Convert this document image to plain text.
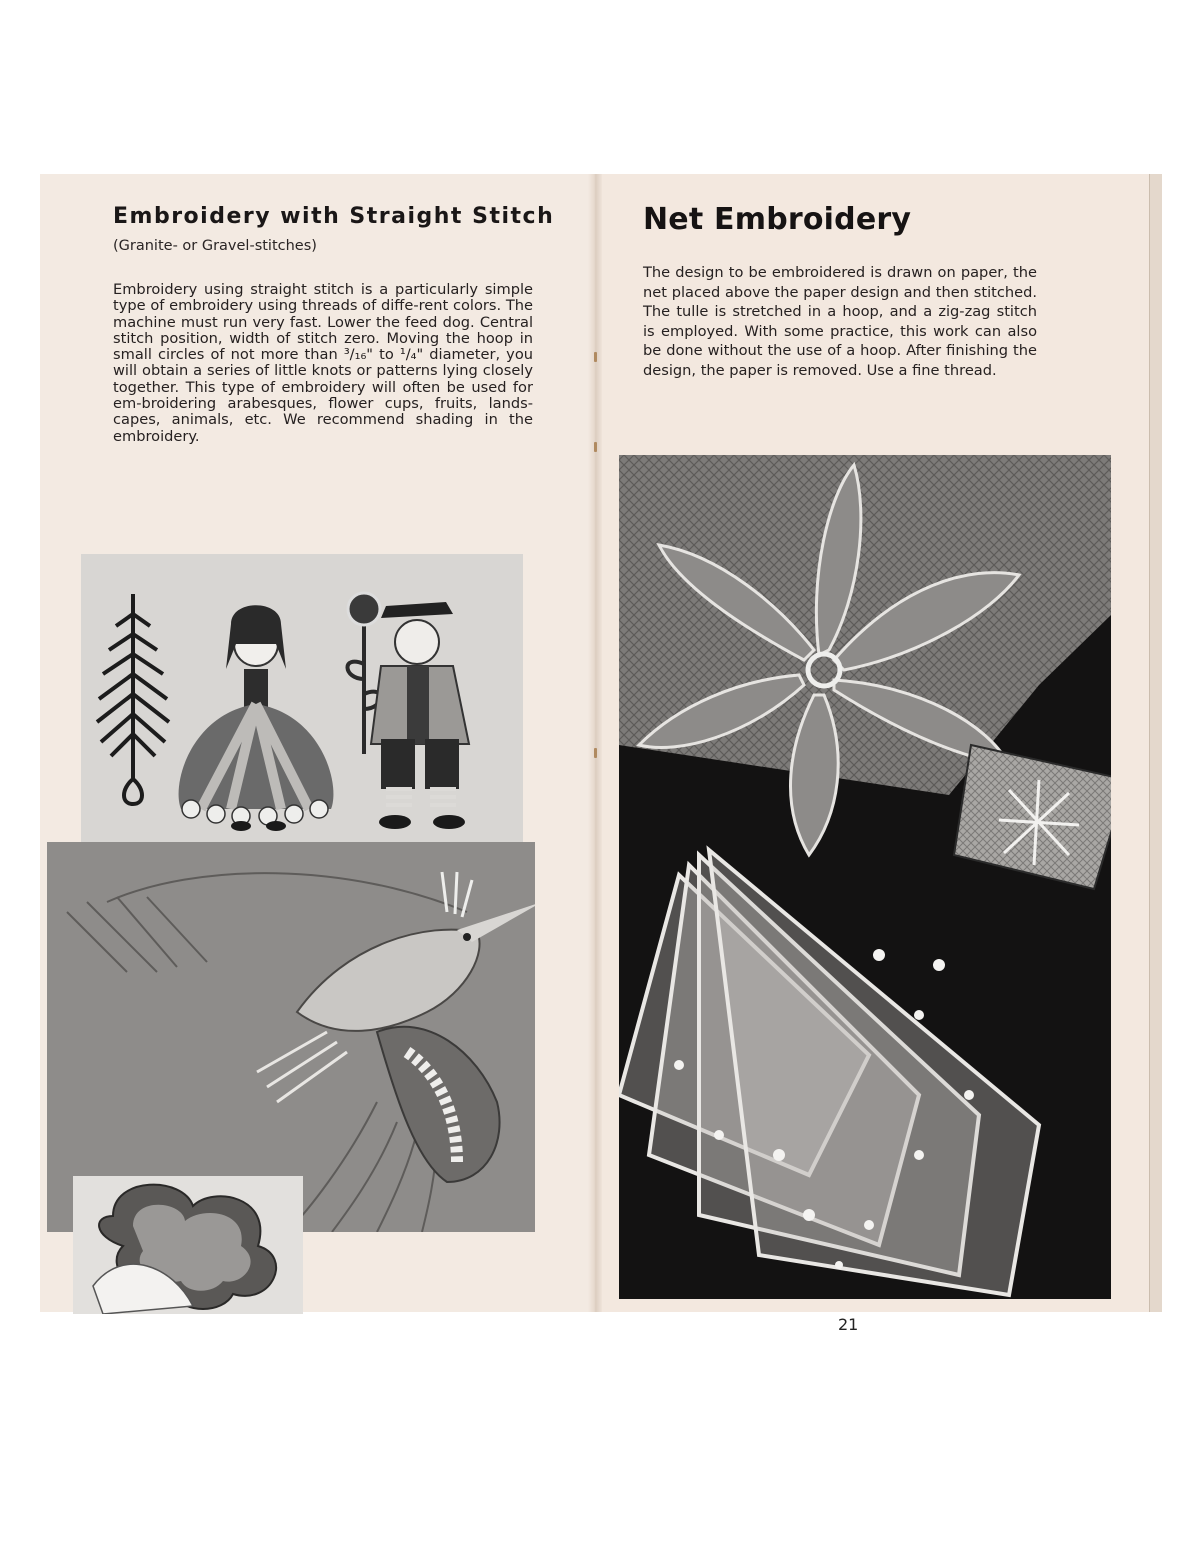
Embroidery with Straight Stitch
(Granite- or Gravel-stitches)
Embroidery using straight stitch is a particularly simple type of embroidery using threads of diffe-rent colors. The machine must run very fast. Lower the feed dog. Central stitch position, width of stitch zero. Moving the hoop in small circles of not more than ³/₁₆" to ¹/₄" diameter, you will obtain a series of little knots or patterns lying closely together. This type of embroidery will often be used for em-broidering arabesques, flower cups, fruits, lands-capes, animals, etc. We recommend shading in the embroidery.
Net Embroidery
The design to be embroidered is drawn on paper, the net placed above the paper design and then stitched. The tulle is stretched in a hoop, and a zig-zag stitch is employed. With some practice, this work can also be done without the use of a hoop. After finishing the design, the paper is removed. Use a fine thread.
21
